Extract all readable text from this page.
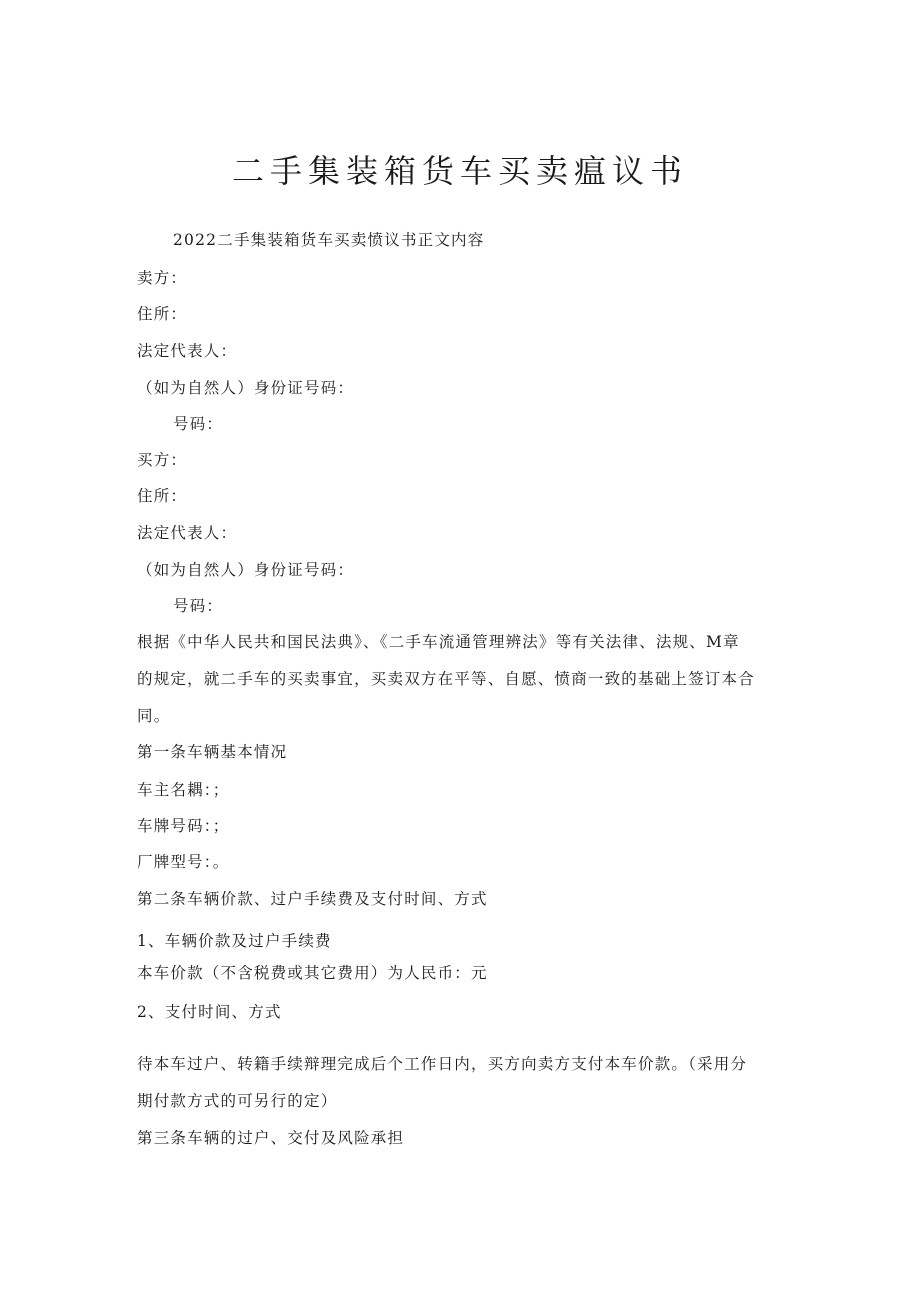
二手集装箱货车买卖瘟议书

2022二手集装箱货车买卖愤议书正文内容

卖方：

住所：

法定代表人：

（如为自然人）身份证号码：

号码：

买方：

住所：

法定代表人：

（如为自然人）身份证号码：

号码：

根据《中华人民共和国民法典》、《二手车流通管理辨法》等有关法律、法规、M章

的规定，就二手车的买卖事宜，买卖双方在平等、自愿、愤商一致的基础上签订本合

同。

第一条车辆基本情况

车主名耦：；

车牌号码：；

厂牌型号：。

第二条车辆价款、过户手续费及支付时间、方式

1、车辆价款及过户手续费

本车价款（不含税费或其它费用）为人民币：元

2、支付时间、方式

待本车过户、转籍手续辩理完成后个工作日内，买方向卖方支付本车价款。（采用分

期付款方式的可另行的定）

第三条车辆的过户、交付及风险承担
